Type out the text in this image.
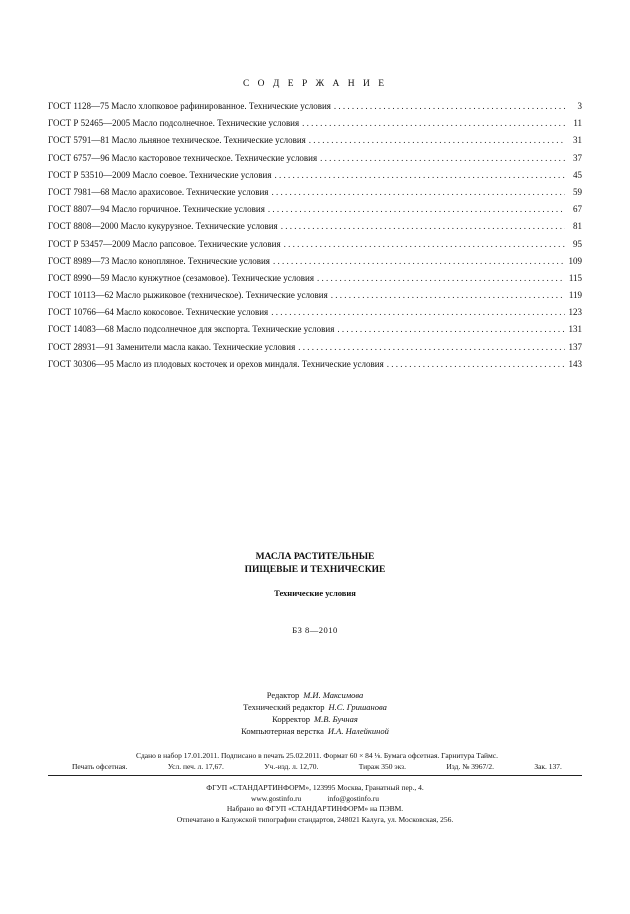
С О Д Е Р Ж А Н И Е
ГОСТ 1128—75 Масло хлопковое рафинированное. Технические условия . . .	3
ГОСТ Р 52465—2005 Масло подсолнечное. Технические условия . . .	11
ГОСТ 5791—81 Масло льняное техническое. Технические условия . . .	31
ГОСТ 6757—96 Масло касторовое техническое. Технические условия . . .	37
ГОСТ Р 53510—2009 Масло соевое. Технические условия . . .	45
ГОСТ 7981—68 Масло арахисовое. Технические условия . . .	59
ГОСТ 8807—94 Масло горчичное. Технические условия . . .	67
ГОСТ 8808—2000 Масло кукурузное. Технические условия . . .	81
ГОСТ Р 53457—2009 Масло рапсовое. Технические условия . . .	95
ГОСТ 8989—73 Масло конопляное. Технические условия . . .	109
ГОСТ 8990—59 Масло кунжутное (сезамовое). Технические условия . . .	115
ГОСТ 10113—62 Масло рыжиковое (техническое). Технические условия . . .	119
ГОСТ 10766—64 Масло кокосовое. Технические условия . . .	123
ГОСТ 14083—68 Масло подсолнечное для экспорта. Технические условия . . .	131
ГОСТ 28931—91 Заменители масла какао. Технические условия . . .	137
ГОСТ 30306—95 Масло из плодовых косточек и орехов миндаля. Технические условия . . .	143
МАСЛА РАСТИТЕЛЬНЫЕ
ПИЩЕВЫЕ И ТЕХНИЧЕСКИЕ
Технические условия
БЗ 8—2010
Редактор М.И. Максимова
Технический редактор Н.С. Гришанова
Корректор М.В. Бучная
Компьютерная верстка И.А. Налейкиной
Сдано в набор 17.01.2011. Подписано в печать 25.02.2011. Формат 60 × 84 ⅛. Бумага офсетная. Гарнитура Таймс.
Печать офсетная.	Усл. печ. л. 17,67.	Уч.-изд. л. 12,70.	Тираж 350 экз.	Изд. № 3967/2.	Зак. 137.
ФГУП «СТАНДАРТИНФОРМ», 123995 Москва, Гранатный пер., 4.
www.gostinfo.ru	info@gostinfo.ru
Набрано во ФГУП «СТАНДАРТИНФОРМ» на ПЭВМ.
Отпечатано в Калужской типографии стандартов, 248021 Калуга, ул. Московская, 256.
